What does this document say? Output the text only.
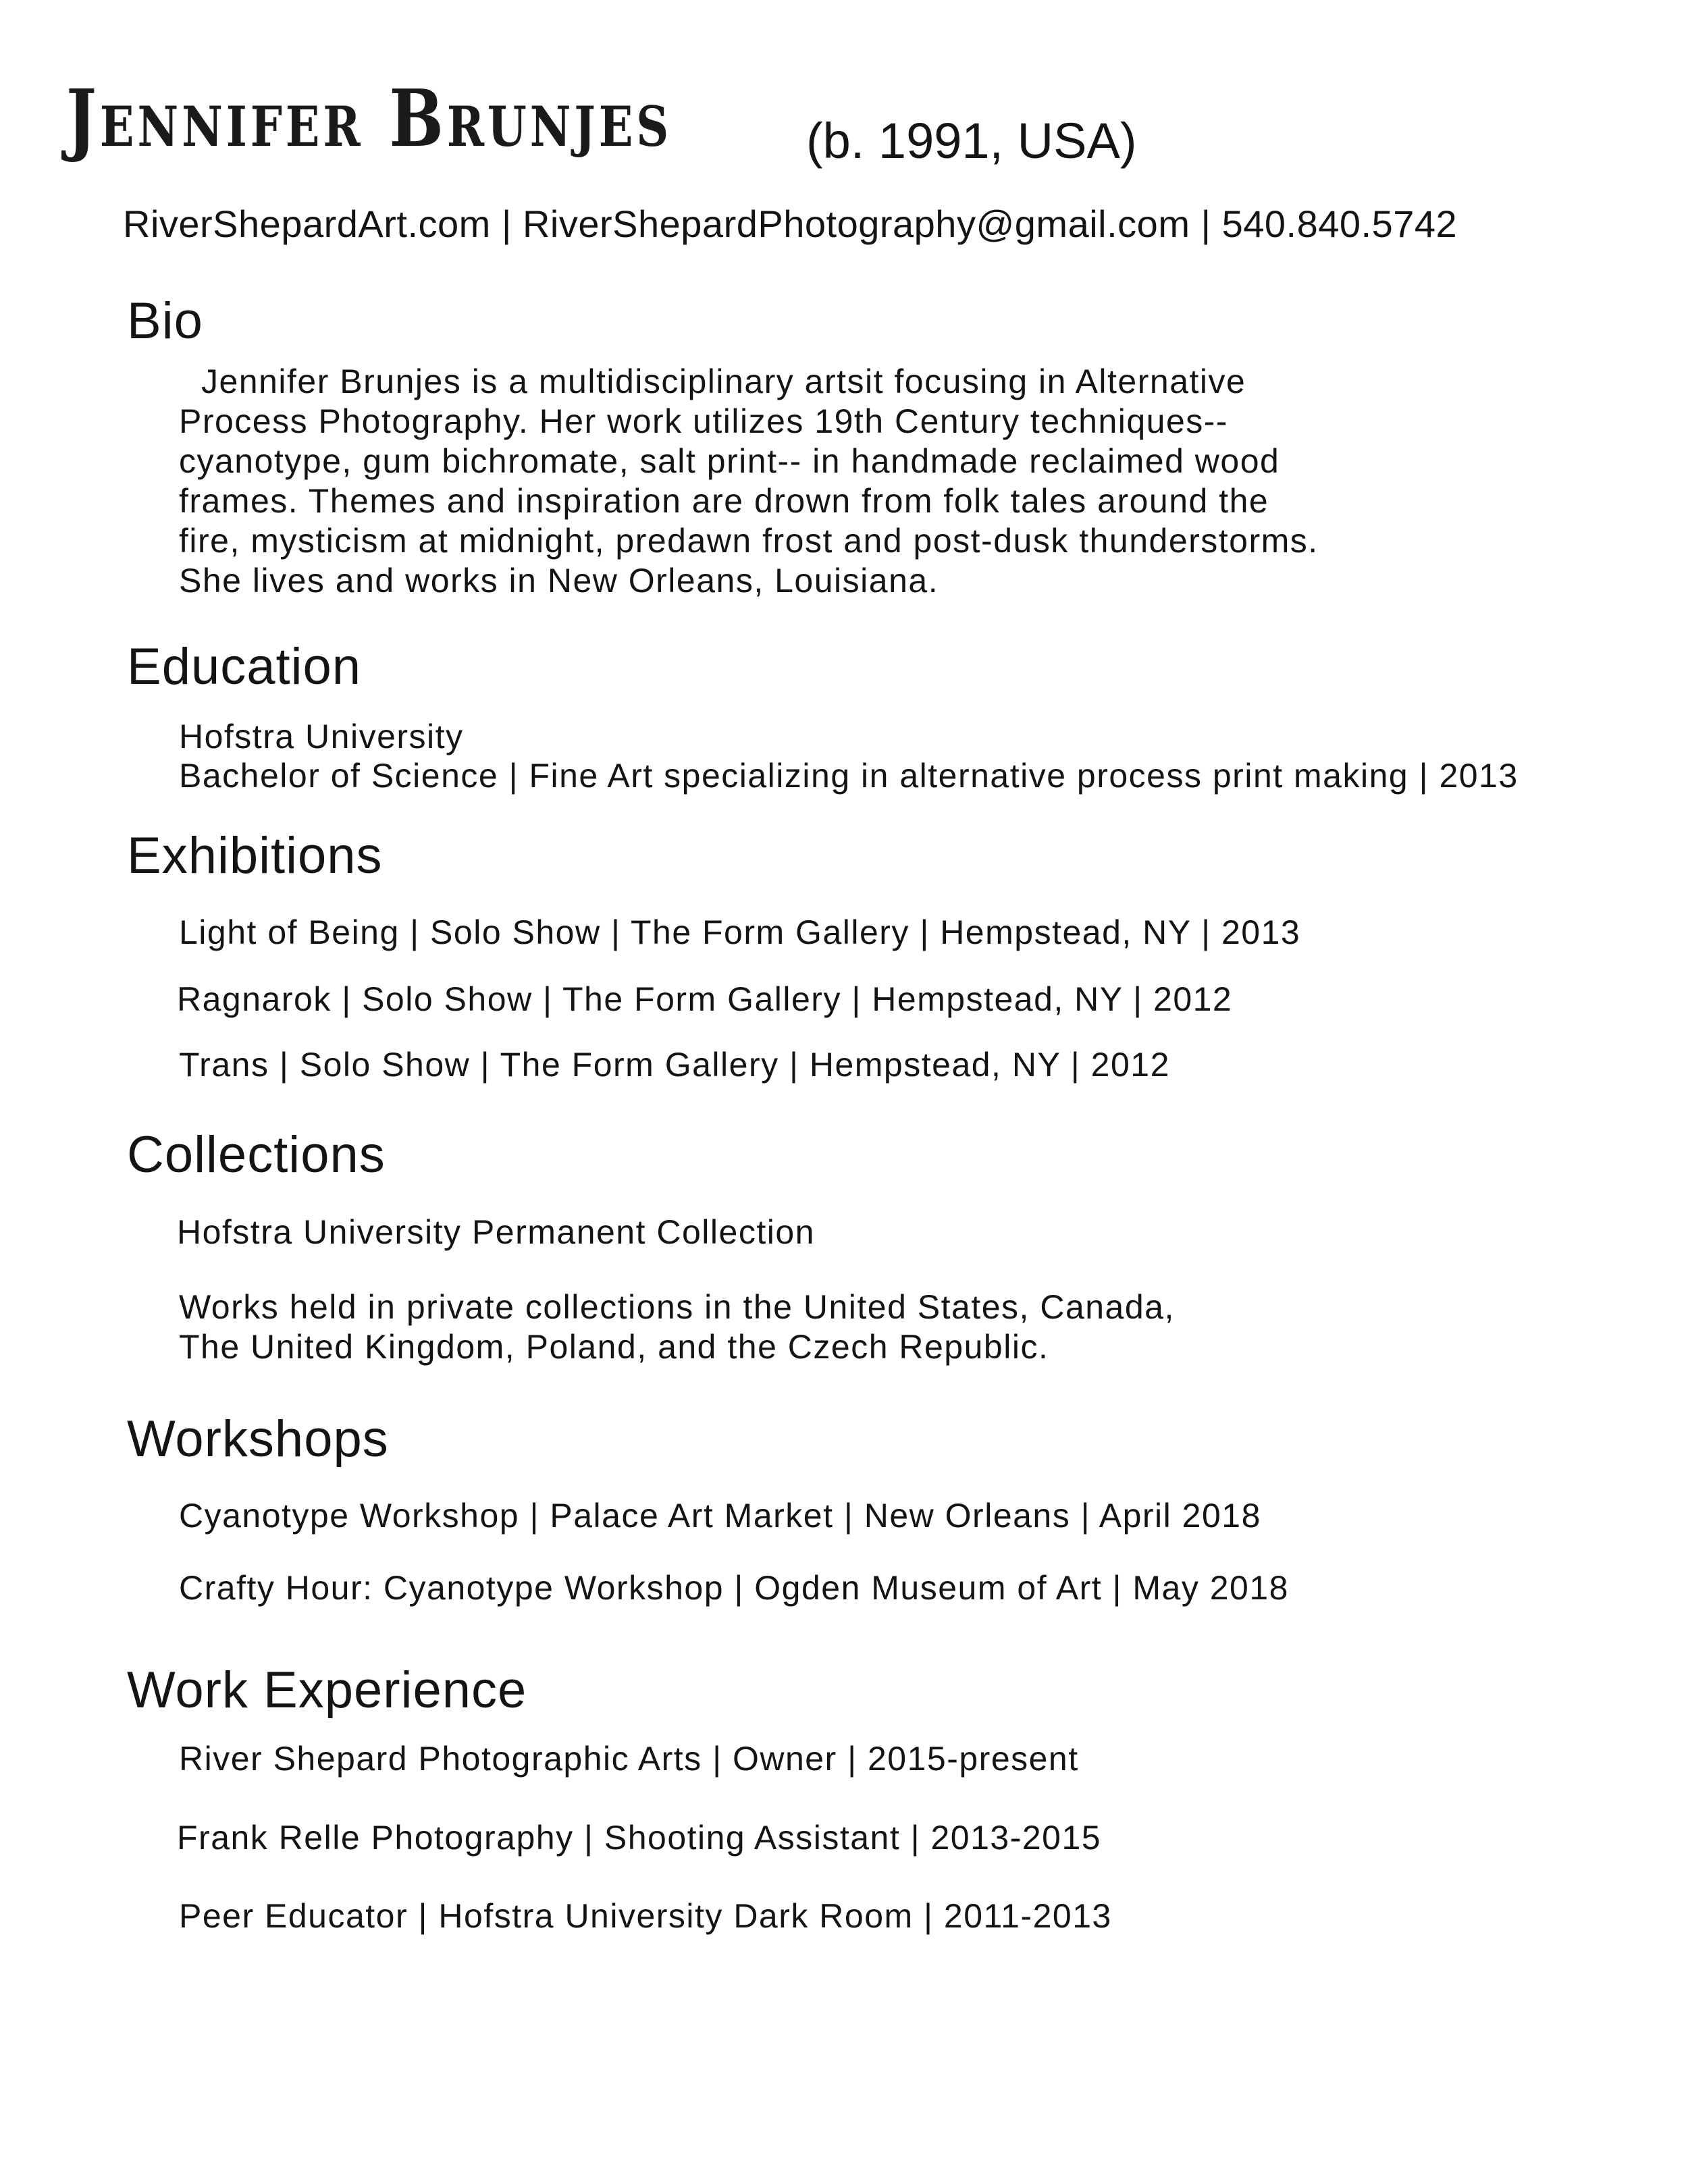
Jennifer Brunjes	(b. 1991, USA)
RiverShepardArt.com | RiverShepardPhotography@gmail.com | 540.840.5742
Bio
Jennifer Brunjes is a multidisciplinary artsit focusing in Alternative
Process Photography. Her work utilizes 19th Century techniques--
cyanotype, gum bichromate, salt print-- in handmade reclaimed wood
frames. Themes and inspiration are drown from folk tales around the
fire, mysticism at midnight, predawn frost and post-dusk thunderstorms.
She lives and works in New Orleans, Louisiana.
Education
Hofstra University
Bachelor of Science | Fine Art specializing in alternative process print making | 2013
Exhibitions
Light of Being | Solo Show | The Form Gallery | Hempstead, NY | 2013
Ragnarok | Solo Show | The Form Gallery | Hempstead, NY | 2012
Trans | Solo Show | The Form Gallery | Hempstead, NY | 2012
Collections
Hofstra University Permanent Collection
Works held in private collections in the United States, Canada,
The United Kingdom, Poland, and the Czech Republic.
Workshops
Cyanotype Workshop | Palace Art Market | New Orleans | April 2018
Crafty Hour: Cyanotype Workshop | Ogden Museum of Art | May 2018
Work Experience
River Shepard Photographic Arts | Owner | 2015-present
Frank Relle Photography | Shooting Assistant | 2013-2015
Peer Educator | Hofstra University Dark Room | 2011-2013
